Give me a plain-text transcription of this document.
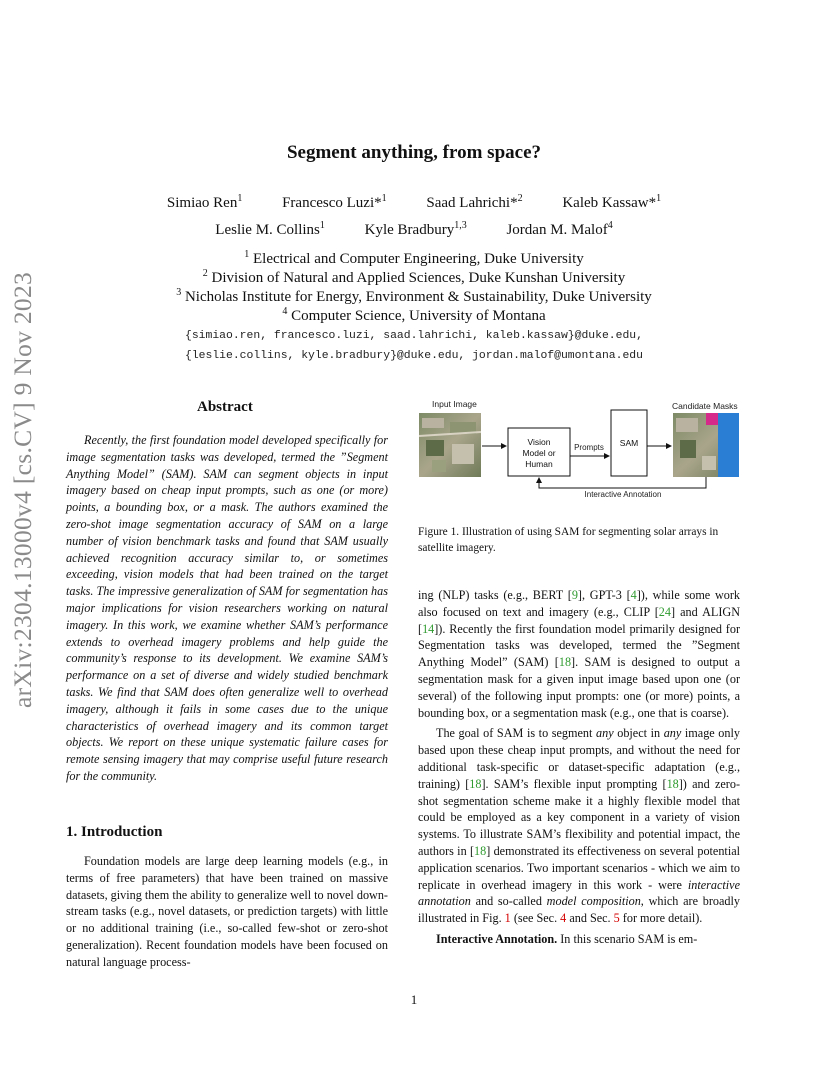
arXiv:2304.13000v4 [cs.CV] 9 Nov 2023
Segment anything, from space?
Simiao Ren$^1$	Francesco Luzi*$^1$	Saad Lahrichi*$^2$	Kaleb Kassaw*$^1$
Leslie M. Collins$^1$	Kyle Bradbury$^{1,3}$	Jordan M. Malof$^4$
$^1$ Electrical and Computer Engineering, Duke University
$^2$ Division of Natural and Applied Sciences, Duke Kunshan University
$^3$ Nicholas Institute for Energy, Environment & Sustainability, Duke University
$^4$ Computer Science, University of Montana
{simiao.ren, francesco.luzi, saad.lahrichi, kaleb.kassaw}@duke.edu,
{leslie.collins, kyle.bradbury}@duke.edu, jordan.malof@umontana.edu
Abstract

Recently, the first foundation model developed specifically for image segmentation tasks was developed, termed the ”Segment Anything Model” (SAM). SAM can segment objects in input imagery based on cheap input prompts, such as one (or more) points, a bounding box, or a mask. The authors examined the zero-shot image segmentation accuracy of SAM on a large number of vision benchmark tasks and found that SAM usually achieved recognition accuracy similar to, or sometimes exceeding, vision models that had been trained on the target tasks. The impressive generalization of SAM for segmentation has major implications for vision researchers working on natural imagery. In this work, we examine whether SAM’s performance extends to overhead imagery problems and help guide the community’s response to its development. We examine SAM’s performance on a set of diverse and widely studied benchmark tasks. We find that SAM does often generalize well to overhead imagery, although it fails in some cases due to the unique characteristics of overhead imagery and its common target objects. We report on these unique systematic failure cases for remote sensing imagery that may comprise useful future research for the community.

1. Introduction

Foundation models are large deep learning models (e.g., in terms of free parameters) that have been trained on massive datasets, giving them the ability to generalize well to novel down-stream tasks (e.g., novel datasets, or prediction targets) with little or no additional training (i.e., so-called few-shot or zero-shot generalization). Recent foundation models have been focused on natural language process-

Input Image
Vision
Model or
Human
Prompts SAM
Candidate Masks
Interactive Annotation
Figure 1. Illustration of using SAM for segmenting solar arrays in satellite imagery.

ing (NLP) tasks (e.g., BERT [9], GPT-3 [4]), while some work also focused on text and imagery (e.g., CLIP [24] and ALIGN [14]). Recently the first foundation model primarily designed for Segmentation tasks was developed, termed the ”Segment Anything Model” (SAM) [18]. SAM is designed to output a segmentation mask for a given input image based upon one (or several) of the following input prompts: one (or more) points, a bounding box, or a segmentation mask (e.g., one that is coarse).

The goal of SAM is to segment any object in any image only based upon these cheap input prompts, and without the need for additional task-specific or dataset-specific adaptation (e.g., training) [18]. SAM’s flexible input prompting [18]) and zero-shot segmentation scheme make it a highly flexible model that could be employed as a key component in a variety of vision systems. To illustrate SAM’s flexibility and potential impact, the authors in [18] demonstrated its effectiveness on several potential application scenarios. Two important scenarios - which we aim to replicate in overhead imagery in this work - were interactive annotation and so-called model composition, which are broadly illustrated in Fig. 1 (see Sec. 4 and Sec. 5 for more detail).

Interactive Annotation. In this scenario SAM is em-

1
